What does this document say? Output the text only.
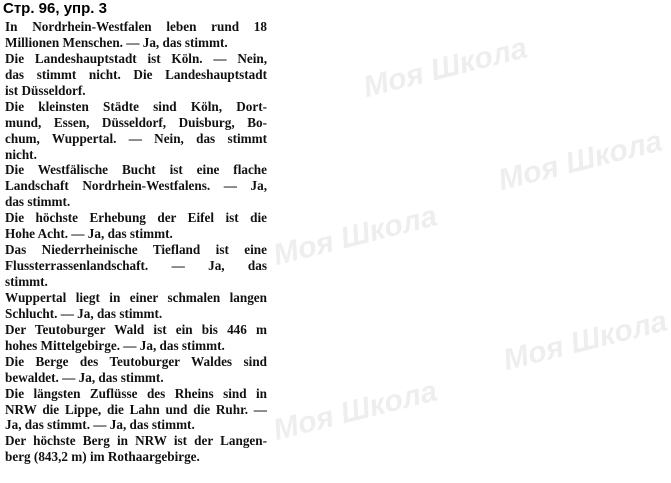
Моя Школа
Моя Школа
Моя Школа
Моя Школа
Моя Школа
Стр. 96, упр. 3
In Nordrhein-Westfalen leben rund 18
Millionen Menschen. — Ja, das stimmt.
Die Landeshauptstadt ist Köln. — Nein,
das stimmt nicht. Die Landeshauptstadt
ist Düsseldorf.
Die kleinsten Städte sind Köln, Dort-
mund, Essen, Düsseldorf, Duisburg, Bo-
chum, Wuppertal. — Nein, das stimmt
nicht.
Die Westfälische Bucht ist eine flache
Landschaft Nordrhein-Westfalens. — Ja,
das stimmt.
Die höchste Erhebung der Eifel ist die
Hohe Acht. — Ja, das stimmt.
Das Niederrheinische Tiefland ist eine
Flussterrassenlandschaft. — Ja, das
stimmt.
Wuppertal liegt in einer schmalen langen
Schlucht. — Ja, das stimmt.
Der Teutoburger Wald ist ein bis 446 m
hohes Mittelgebirge. — Ja, das stimmt.
Die Berge des Teutoburger Waldes sind
bewaldet. — Ja, das stimmt.
Die längsten Zuflüsse des Rheins sind in
NRW die Lippe, die Lahn und die Ruhr. —
Ja, das stimmt. — Ja, das stimmt.
Der höchste Berg in NRW ist der Langen-
berg (843,2 m) im Rothaargebirge.
